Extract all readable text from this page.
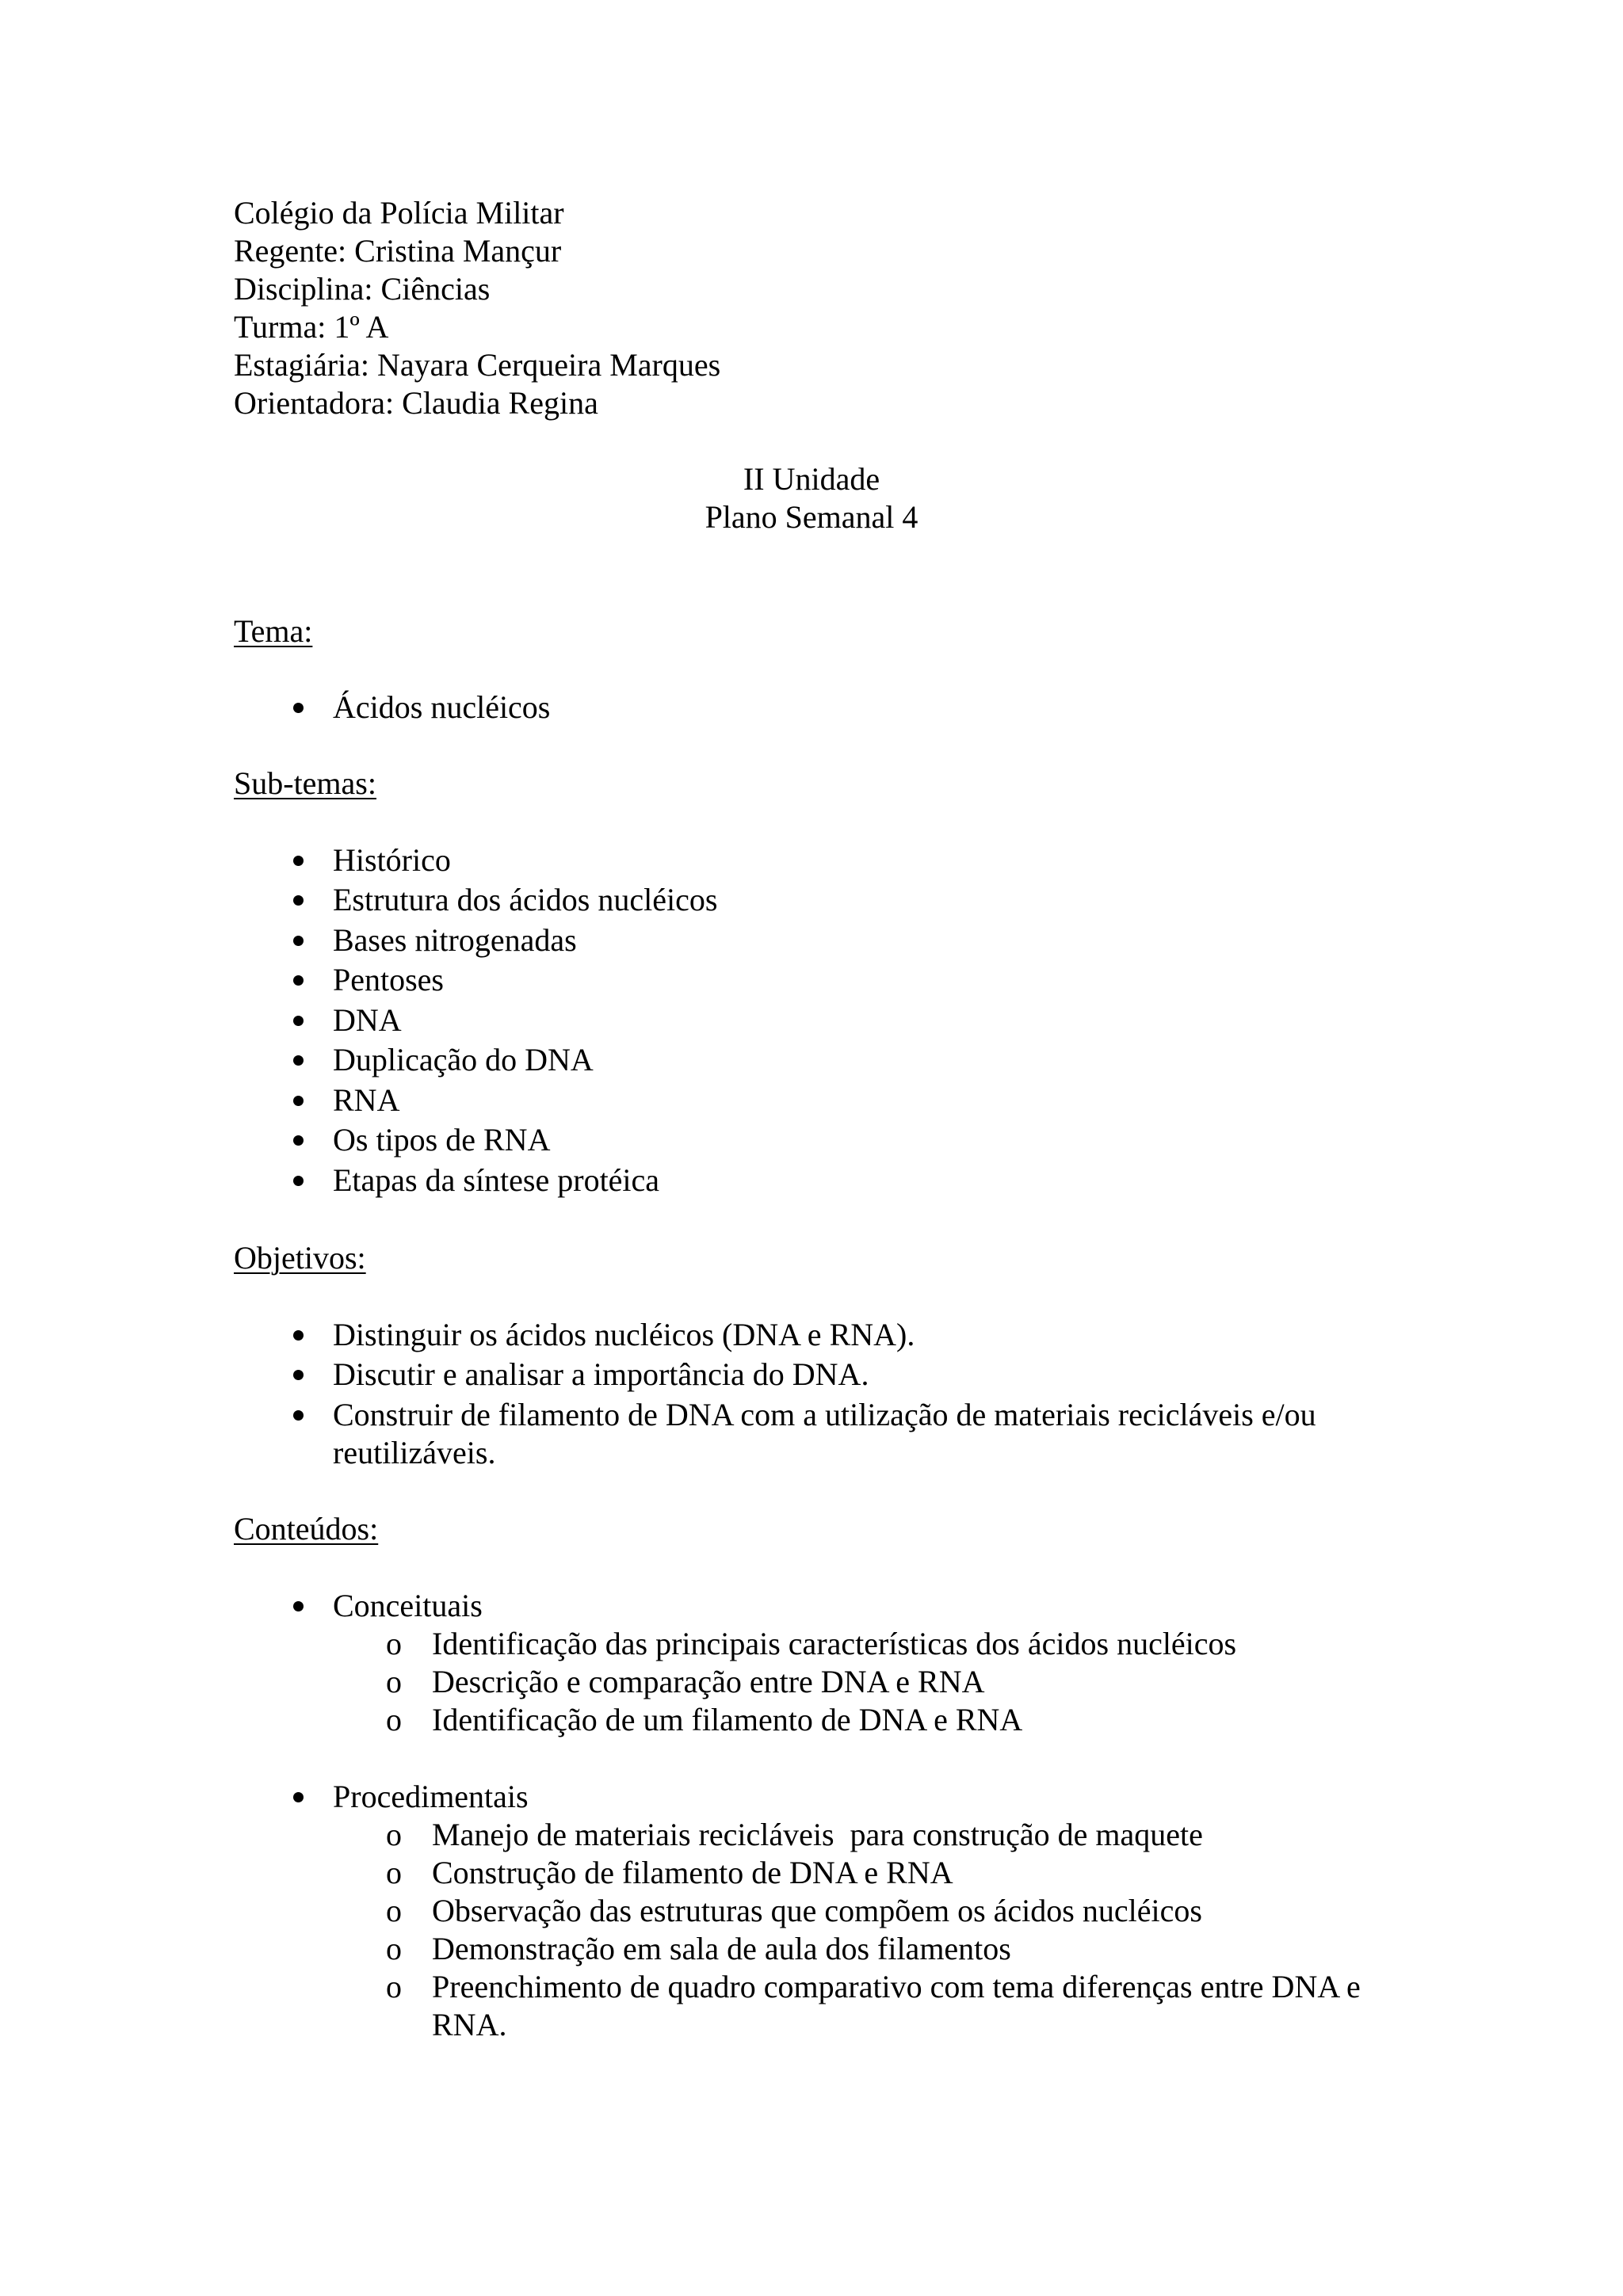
Colégio da Polícia Militar
Regente: Cristina Mançur
Disciplina: Ciências
Turma: 1º A
Estagiária: Nayara Cerqueira Marques
Orientadora: Claudia Regina
II Unidade
Plano Semanal 4
Tema:
Ácidos nucléicos
Sub-temas:
Histórico
Estrutura dos ácidos nucléicos
Bases nitrogenadas
Pentoses
DNA
Duplicação do DNA
RNA
Os tipos de RNA
Etapas da síntese protéica
Objetivos:
Distinguir os ácidos nucléicos (DNA e RNA).
Discutir e analisar a importância do DNA.
Construir de filamento de DNA com a utilização de materiais recicláveis e/ou
reutilizáveis.
Conteúdos:
Conceituais
o Identificação das principais características dos ácidos nucléicos
o Descrição e comparação entre DNA e RNA
o Identificação de um filamento de DNA e RNA
Procedimentais
o Manejo de materiais recicláveis  para construção de maquete
o Construção de filamento de DNA e RNA
o Observação das estruturas que compõem os ácidos nucléicos
o Demonstração em sala de aula dos filamentos
o Preenchimento de quadro comparativo com tema diferenças entre DNA e
RNA.
